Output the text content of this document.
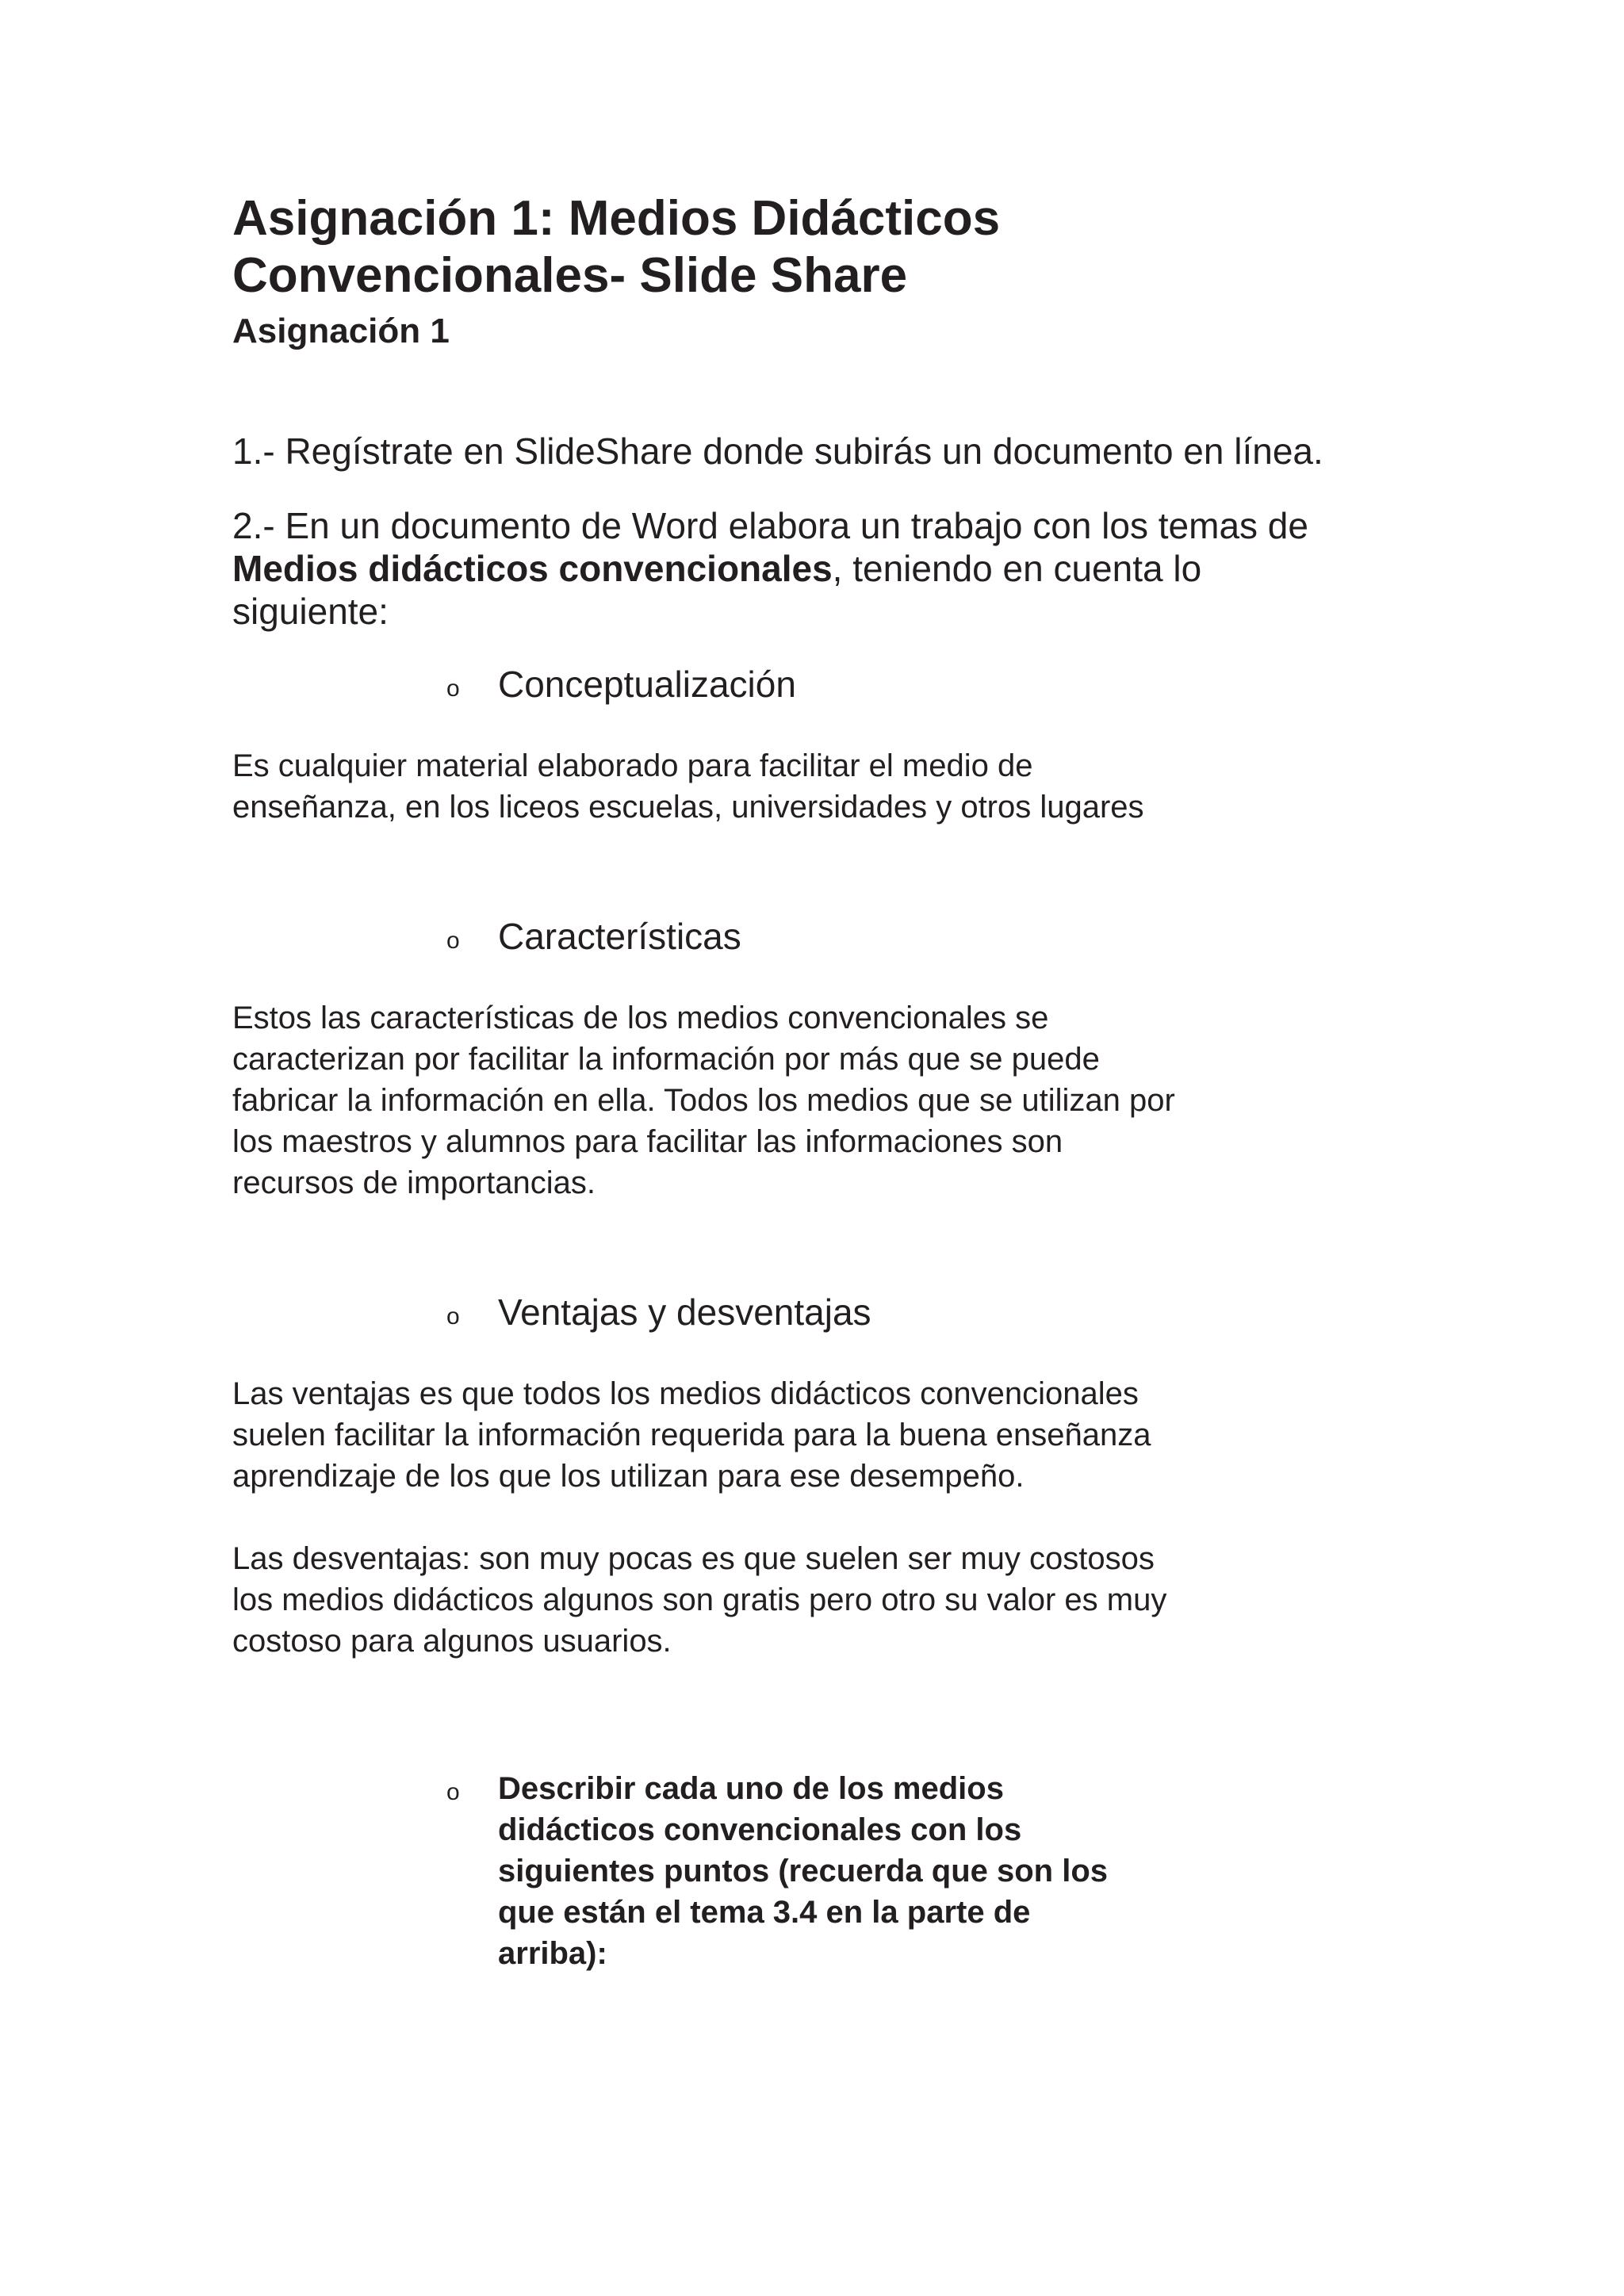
Asignación 1: Medios Didácticos
Convencionales- Slide Share
Asignación 1

1.- Regístrate en SlideShare donde subirás un documento en línea.

2.- En un documento de Word elabora un trabajo con los temas de Medios didácticos convencionales, teniendo en cuenta lo siguiente:

o Conceptualización

Es cualquier material elaborado para facilitar el medio de enseñanza, en los liceos escuelas, universidades y otros lugares

o Características

Estos las características de los medios convencionales se caracterizan por facilitar la información por más que se puede fabricar la información en ella. Todos los medios que se utilizan por los maestros y alumnos para facilitar las informaciones son recursos de importancias.

o Ventajas y desventajas

Las ventajas es que todos los medios didácticos convencionales suelen facilitar la información requerida para la buena enseñanza aprendizaje de los que los utilizan para ese desempeño.

Las desventajas: son muy pocas es que suelen ser muy costosos los medios didácticos algunos son gratis pero otro su valor es muy costoso para algunos usuarios.

o Describir cada uno de los medios didácticos convencionales con los siguientes puntos (recuerda que son los que están el tema 3.4 en la parte de arriba):
